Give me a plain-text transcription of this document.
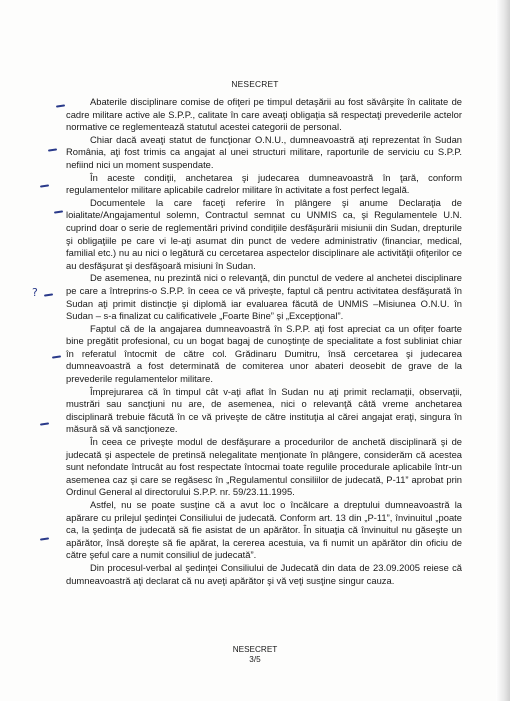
NESECRET
?

Abaterile disciplinare comise de ofiţeri pe timpul detaşării au fost săvârşite în calitate de cadre militare active ale S.P.P., calitate în care aveaţi obligaţia să respectaţi prevederile actelor normative ce reglementează statutul acestei categorii de personal.

Chiar dacă aveaţi statut de funcţionar O.N.U., dumneavoastră aţi reprezentat în Sudan România, aţi fost trimis ca angajat al unei structuri militare, raporturile de serviciu cu S.P.P. nefiind nici un moment suspendate.

În aceste condiţii, anchetarea şi judecarea dumneavoastră în ţară, conform regulamentelor militare aplicabile cadrelor militare în activitate a fost perfect legală.

Documentele la care faceţi referire în plângere şi anume Declaraţia de loialitate/Angajamentul solemn, Contractul semnat cu UNMIS ca, şi Regulamentele U.N. cuprind doar o serie de reglementări privind condiţiile desfăşurării misiunii din Sudan, drepturile şi obligaţiile pe care vi le-aţi asumat din punct de vedere administrativ (financiar, medical, familial etc.) nu au nici o legătură cu cercetarea aspectelor disciplinare ale activităţii ofiţerilor ce au desfăşurat şi desfăşoară misiuni în Sudan.

De asemenea, nu prezintă nici o relevanţă, din punctul de vedere al anchetei disciplinare pe care a întreprins-o S.P.P. în ceea ce vă priveşte, faptul că pentru activitatea desfăşurată în Sudan aţi primit distincţie şi diplomă iar evaluarea făcută de UNMIS –Misiunea O.N.U. în Sudan – s-a finalizat cu calificativele „Foarte Bine” şi „Excepţional”.

Faptul că de la angajarea dumneavoastră în S.P.P. aţi fost apreciat ca un ofiţer foarte bine pregătit profesional, cu un bogat bagaj de cunoştinţe de specialitate a fost subliniat chiar în referatul întocmit de către col. Grădinaru Dumitru, însă cercetarea şi judecarea dumneavoastră a fost determinată de comiterea unor abateri deosebit de grave de la prevederile regulamentelor militare.

Împrejurarea că în timpul cât v-aţi aflat în Sudan nu aţi primit reclamaţii, observaţii, mustrări sau sancţiuni nu are, de asemenea, nici o relevanţă câtă vreme anchetarea disciplinară trebuie făcută în ce vă priveşte de către instituţia al cărei angajat eraţi, singura în măsură să vă sancţioneze.

În ceea ce priveşte modul de desfăşurare a procedurilor de anchetă disciplinară şi de judecată şi aspectele de pretinsă nelegalitate menţionate în plângere, considerăm că acestea sunt nefondate întrucât au fost respectate întocmai toate regulile procedurale aplicabile într-un asemenea caz şi care se regăsesc în „Regulamentul consiliilor de judecată, P-11” aprobat prin Ordinul General al directorului S.P.P. nr. 59/23.11.1995.

Astfel, nu se poate susţine că a avut loc o încălcare a dreptului dumneavoastră la apărare cu prilejul şedinţei Consiliului de judecată. Conform art. 13 din „P-11”, învinuitul „poate ca, la şedinţa de judecată să fie asistat de un apărător. În situaţia că învinuitul nu găseşte un apărător, însă doreşte să fie apărat, la cererea acestuia, va fi numit un apărător din oficiu de către şeful care a numit consiliul de judecată”.

Din procesul-verbal al şedinţei Consiliului de Judecată din data de 23.09.2005 reiese că dumneavoastră aţi declarat că nu aveţi apărător şi vă veţi susţine singur cauza.

NESECRET
3/5
